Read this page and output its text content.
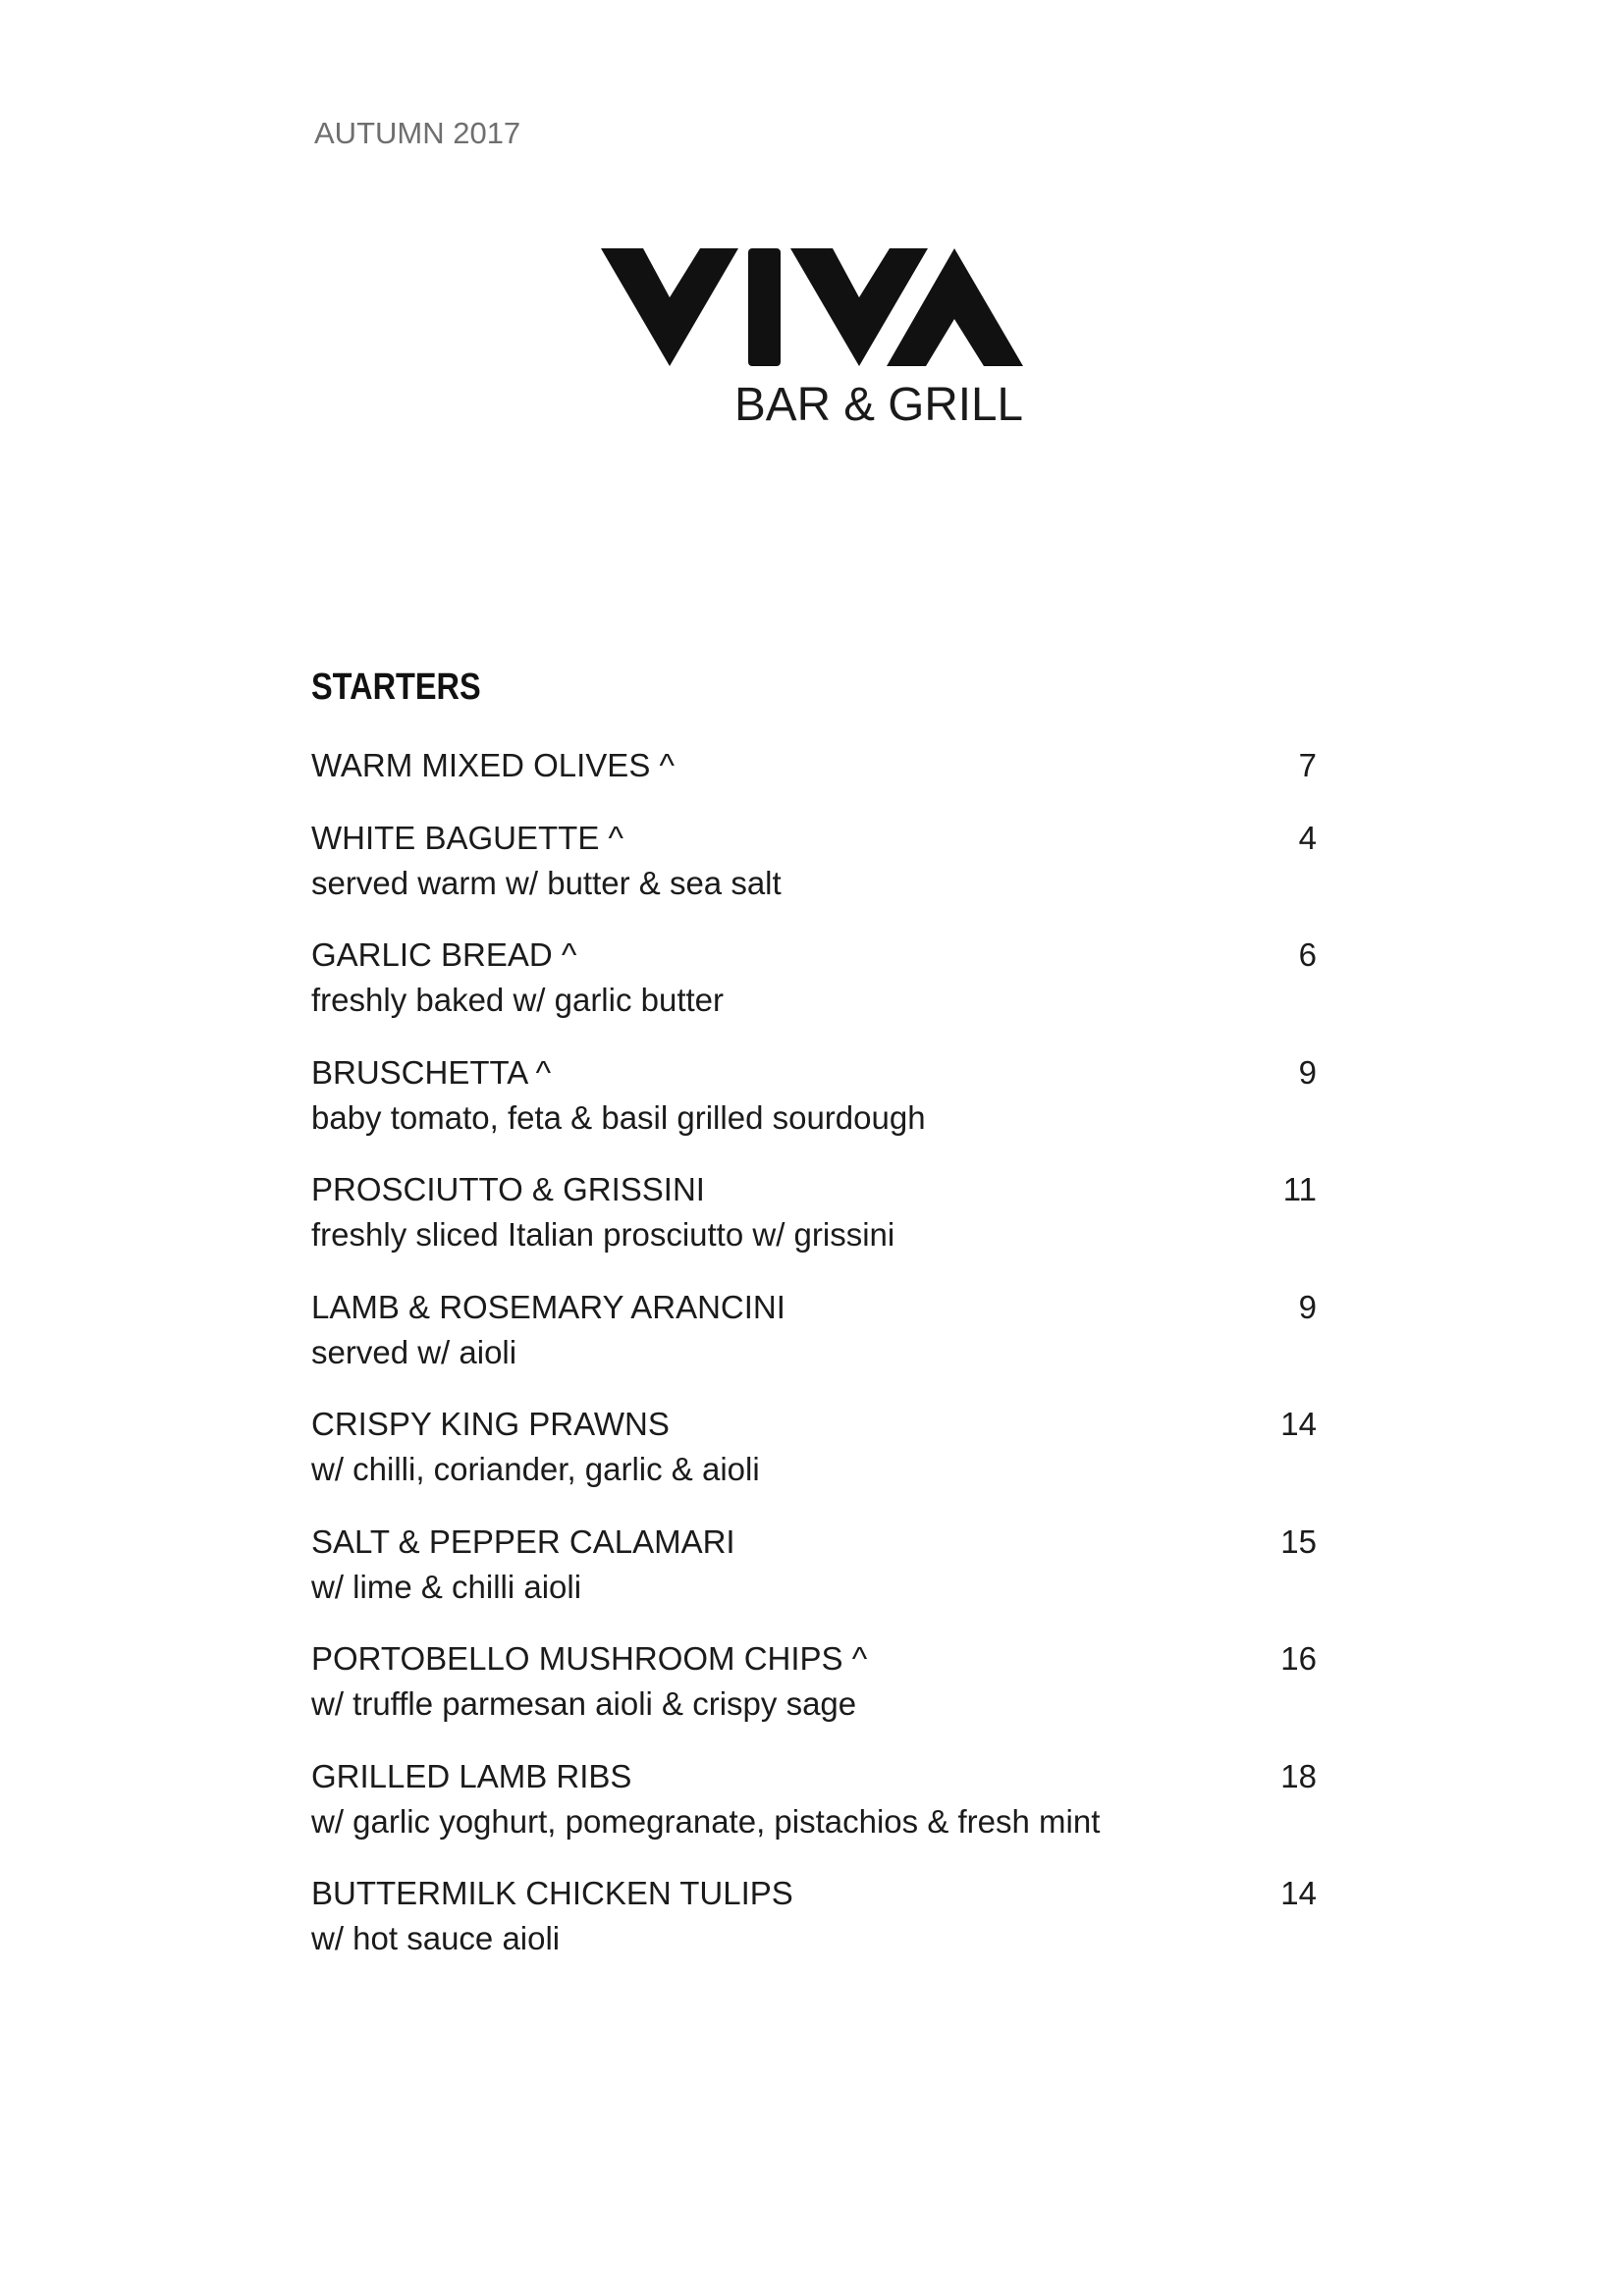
AUTUMN 2017
BAR & GRILL
STARTERS
WARM MIXED OLIVES ^	7
WHITE BAGUETTE ^	4
served warm w/ butter & sea salt
GARLIC BREAD ^	6
freshly baked w/ garlic butter
BRUSCHETTA ^	9
baby tomato, feta & basil grilled sourdough
PROSCIUTTO & GRISSINI	11
freshly sliced Italian prosciutto w/ grissini
LAMB & ROSEMARY ARANCINI	9
served w/ aioli
CRISPY KING PRAWNS	14
w/ chilli, coriander, garlic & aioli
SALT & PEPPER CALAMARI	15
w/ lime & chilli aioli
PORTOBELLO MUSHROOM CHIPS ^	16
w/ truffle parmesan aioli & crispy sage
GRILLED LAMB RIBS	18
w/ garlic yoghurt, pomegranate, pistachios & fresh mint
BUTTERMILK CHICKEN TULIPS	14
w/ hot sauce aioli
